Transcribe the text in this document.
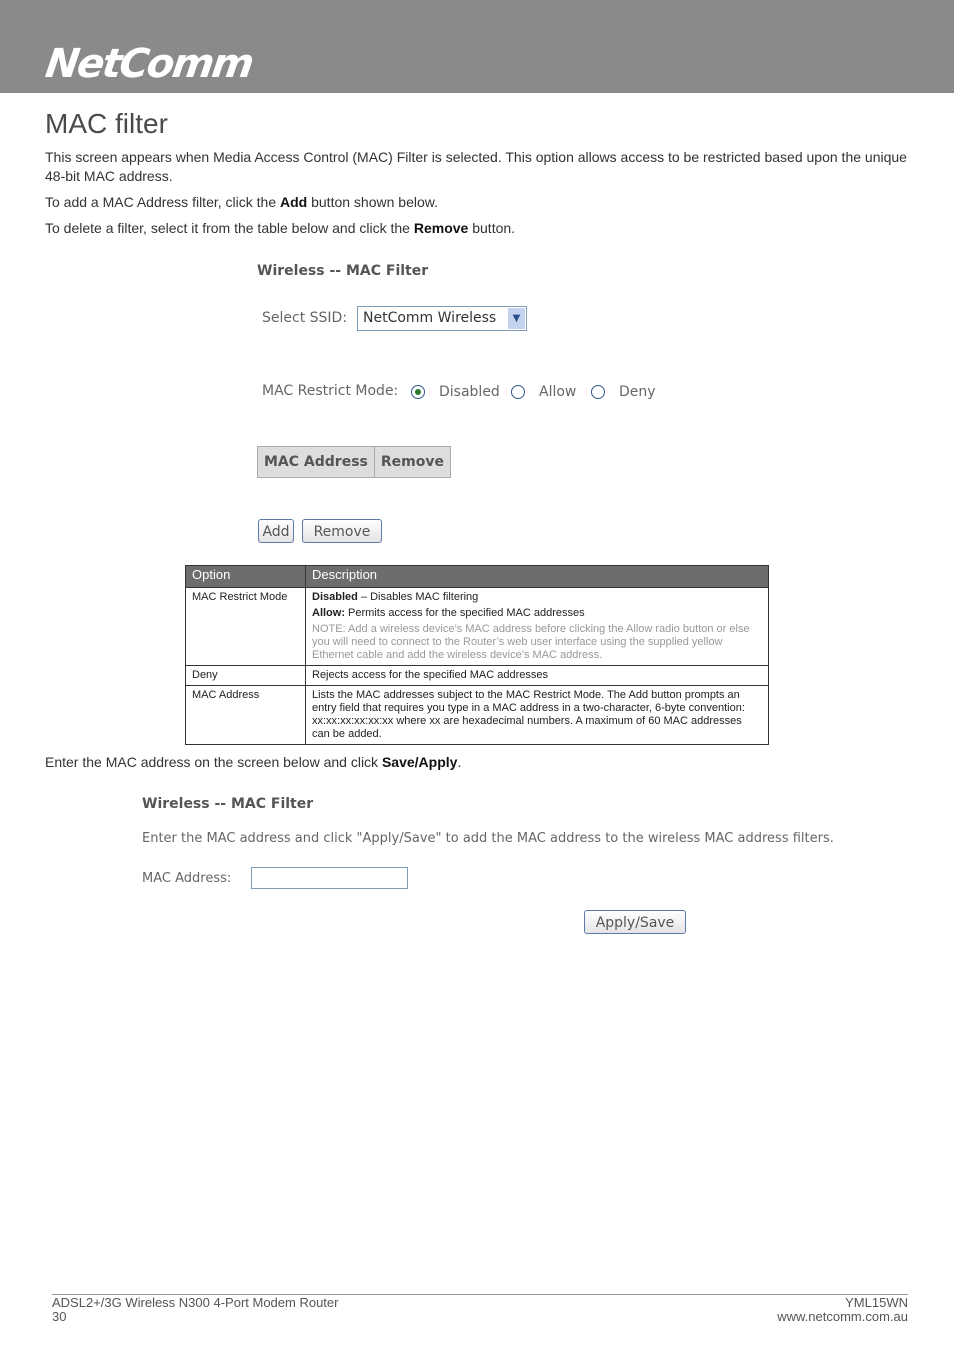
NetComm
MAC filter

This screen appears when Media Access Control (MAC) Filter is selected. This option allows access to be restricted based upon the unique 48-bit MAC address.

To add a MAC Address filter, click the Add button shown below.

To delete a filter, select it from the table below and click the Remove button.

Wireless -- MAC Filter
Select SSID: NetComm Wireless	▼
MAC Restrict Mode:	Disabled	Allow	Deny
MAC Address	Remove
Add	Remove
Option	Description
MAC Restrict Mode	Disabled – Disables MAC filtering
Allow: Permits access for the specified MAC addresses
NOTE: Add a wireless device’s MAC address before clicking the Allow radio button or else you will need to connect to the Router’s web user interface using the supplied yellow Ethernet cable and add the wireless device’s MAC address.

Deny	Rejects access for the specified MAC addresses
MAC Address	Lists the MAC addresses subject to the MAC Restrict Mode. The Add button prompts an entry field that requires you type in a MAC address in a two-character, 6-byte convention: xx:xx:xx:xx:xx:xx where xx are hexadecimal numbers. A maximum of 60 MAC addresses can be added.

Enter the MAC address on the screen below and click Save/Apply.

Wireless -- MAC Filter
Enter the MAC address and click "Apply/Save" to add the MAC address to the wireless MAC address filters.
MAC Address:
Apply/Save
ADSL2+/3G Wireless N300 4-Port Modem Router
30
YML15WN
www.netcomm.com.au
